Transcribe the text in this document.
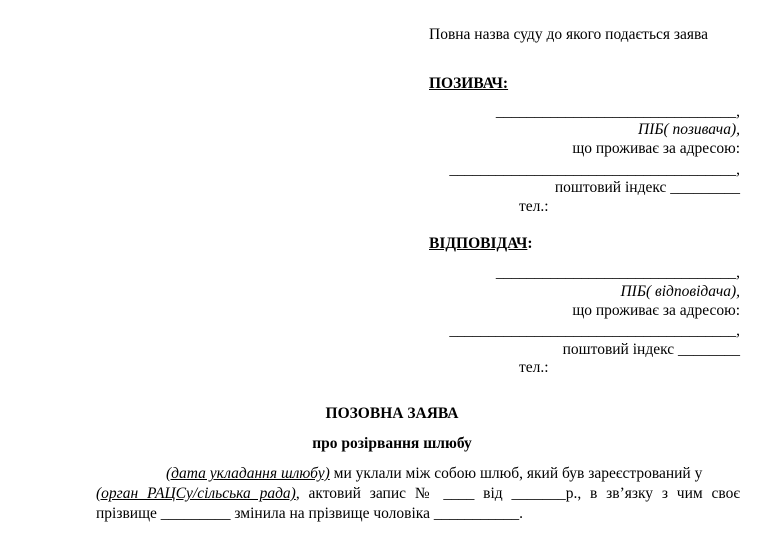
Повна назва суду до якого подається заява
ПОЗИВАЧ:
_______________________________,
ПІБ( позивача),
що проживає за адресою:
_____________________________________,
поштовий індекс _________
тел.:
ВІДПОВІДАЧ:
_______________________________,
ПІБ( відповідача),
що проживає за адресою:
_____________________________________,
поштовий індекс ________
тел.:
ПОЗОВНА ЗАЯВА
про розірвання шлюбу
(дата укладання шлюбу) ми уклали між собою шлюб, який був зареєстрований у
(орган РАЦСу/сільська рада), актовий запис № ____ від _______р., в зв’язку з чим своє
прізвище _________ змінила на прізвище чоловіка ___________.
